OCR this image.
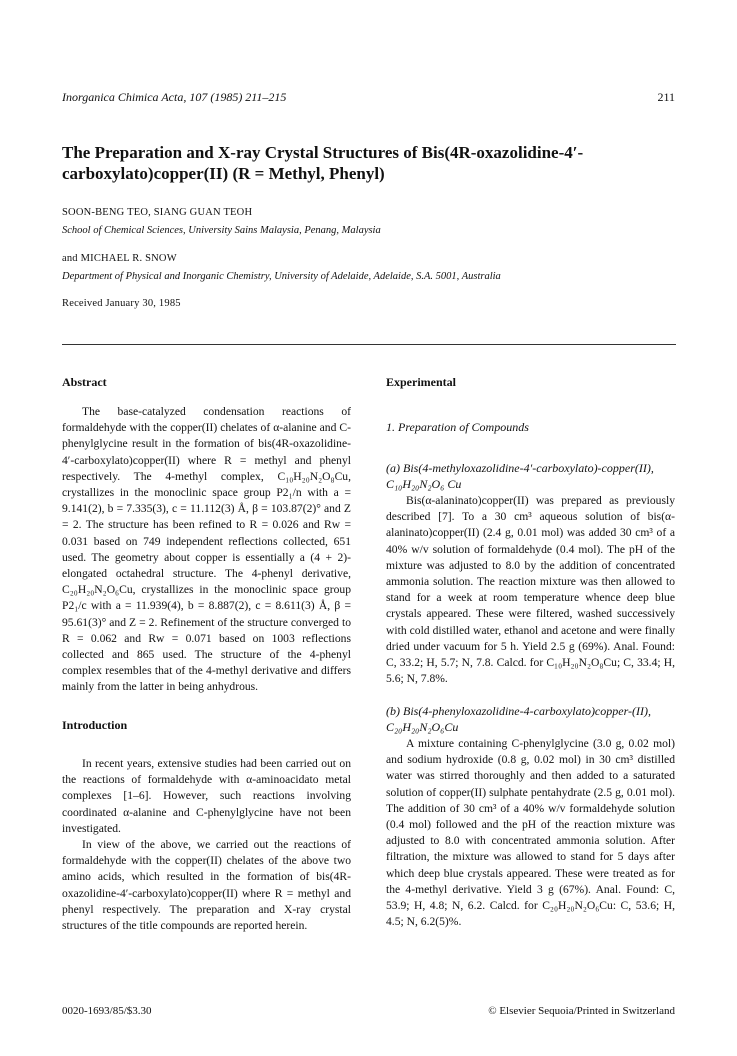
Inorganica Chimica Acta, 107 (1985) 211–215	211
The Preparation and X-ray Crystal Structures of Bis(4R-oxazolidine-4′-carboxylato)copper(II) (R = Methyl, Phenyl)
SOON-BENG TEO, SIANG GUAN TEOH
School of Chemical Sciences, University Sains Malaysia, Penang, Malaysia
and MICHAEL R. SNOW
Department of Physical and Inorganic Chemistry, University of Adelaide, Adelaide, S.A. 5001, Australia
Received January 30, 1985
Abstract

The base-catalyzed condensation reactions of formaldehyde with the copper(II) chelates of α-alanine and C-phenylglycine result in the formation of bis(4R-oxazolidine-4′-carboxylato)copper(II) where R = methyl and phenyl respectively. The 4-methyl complex, C₁₀H₂₀N₂O₈Cu, crystallizes in the monoclinic space group P2₁/n with a = 9.141(2), b = 7.335(3), c = 11.112(3) Å, β = 103.87(2)° and Z = 2. The structure has been refined to R = 0.026 and Rw = 0.031 based on 749 independent reflections collected, 651 used. The geometry about copper is essentially a (4 + 2)-elongated octahedral structure. The 4-phenyl derivative, C₂₀H₂₀N₂O₆Cu, crystallizes in the monoclinic space group P2₁/c with a = 11.939(4), b = 8.887(2), c = 8.611(3) Å, β = 95.61(3)° and Z = 2. Refinement of the structure converged to R = 0.062 and Rw = 0.071 based on 1003 reflections collected and 865 used. The structure of the 4-phenyl complex resembles that of the 4-methyl derivative and differs mainly from the latter in being anhydrous.

Introduction

In recent years, extensive studies had been carried out on the reactions of formaldehyde with α-aminoacidato metal complexes [1–6]. However, such reactions involving coordinated α-alanine and C-phenylglycine have not been investigated.

In view of the above, we carried out the reactions of formaldehyde with the copper(II) chelates of the above two amino acids, which resulted in the formation of bis(4R-oxazolidine-4′-carboxylato)copper(II) where R = methyl and phenyl respectively. The preparation and X-ray crystal structures of the title compounds are reported herein.

Experimental
1. Preparation of Compounds

(a) Bis(4-methyloxazolidine-4′-carboxylato)-copper(II), C₁₀H₂₀N₂O₆ Cu

Bis(α-alaninato)copper(II) was prepared as previously described [7]. To a 30 cm³ aqueous solution of bis(α-alaninato)copper(II) (2.4 g, 0.01 mol) was added 30 cm³ of a 40% w/v solution of formaldehyde (0.4 mol). The pH of the mixture was adjusted to 8.0 by the addition of concentrated ammonia solution. The reaction mixture was then allowed to stand for a week at room temperature whence deep blue crystals appeared. These were filtered, washed successively with cold distilled water, ethanol and acetone and were finally dried under vacuum for 5 h. Yield 2.5 g (69%). Anal. Found: C, 33.2; H, 5.7; N, 7.8. Calcd. for C₁₀H₂₀N₂O₈Cu; C, 33.4; H, 5.6; N, 7.8%.

(b) Bis(4-phenyloxazolidine-4-carboxylato)copper-(II), C₂₀H₂₀N₂O₆Cu

A mixture containing C-phenylglycine (3.0 g, 0.02 mol) and sodium hydroxide (0.8 g, 0.02 mol) in 30 cm³ distilled water was stirred thoroughly and then added to a saturated solution of copper(II) sulphate pentahydrate (2.5 g, 0.01 mol). The addition of 30 cm³ of a 40% w/v formaldehyde solution (0.4 mol) followed and the pH of the reaction mixture was adjusted to 8.0 with concentrated ammonia solution. After filtration, the mixture was allowed to stand for 5 days after which deep blue crystals appeared. These were treated as for the 4-methyl derivative. Yield 3 g (67%). Anal. Found: C, 53.9; H, 4.8; N, 6.2. Calcd. for C₂₀H₂₀N₂O₆Cu: C, 53.6; H, 4.5; N, 6.2(5)%.

0020-1693/85/$3.30	© Elsevier Sequoia/Printed in Switzerland
